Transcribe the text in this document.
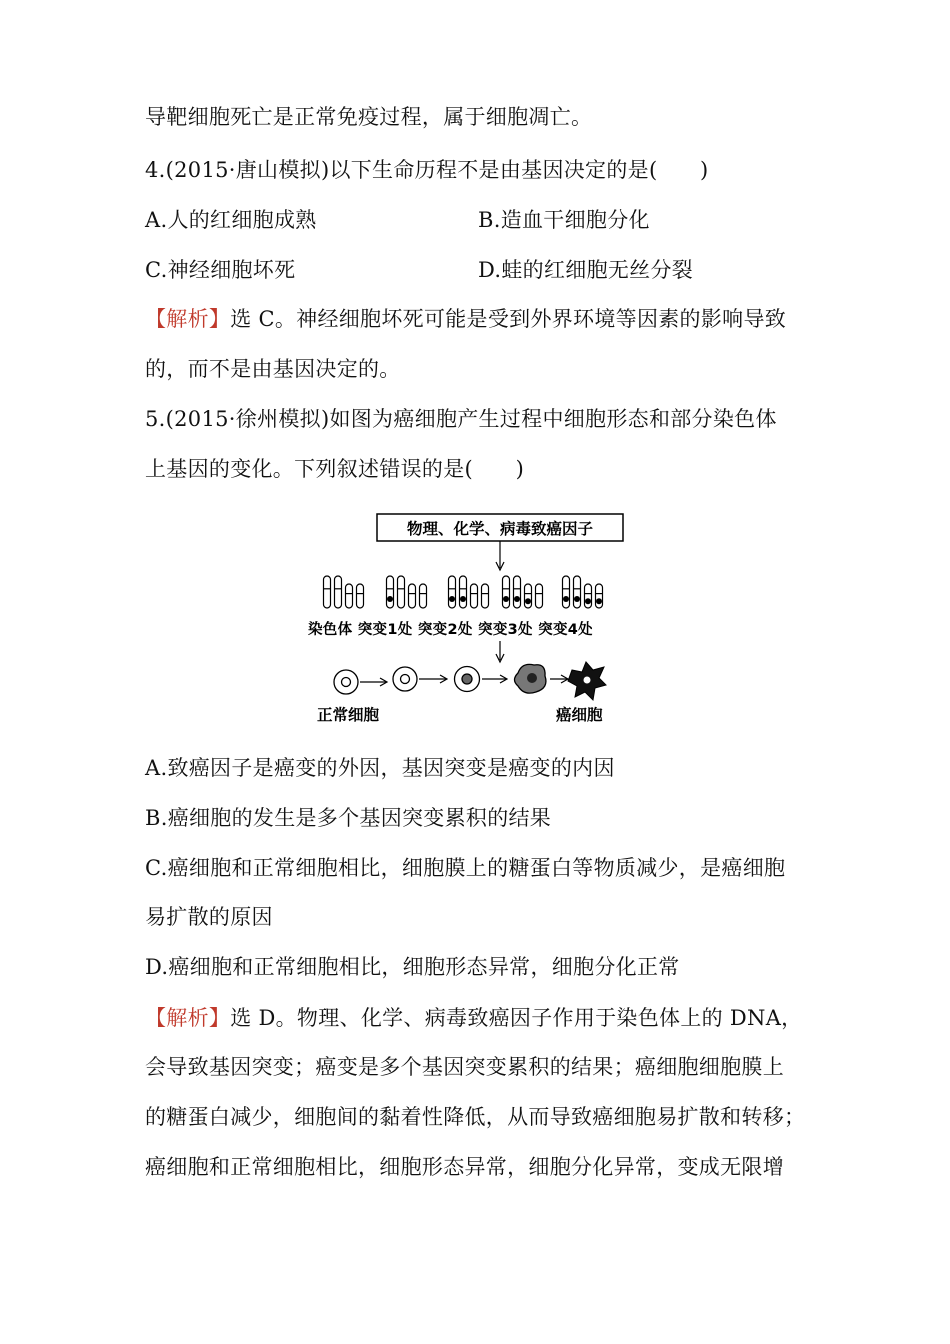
导靶细胞死亡是正常免疫过程，属于细胞凋亡。
4.(2015·唐山模拟)以下生命历程不是由基因决定的是(　　)
A.人的红细胞成熟	B.造血干细胞分化
C.神经细胞坏死	D.蛙的红细胞无丝分裂
【解析】选 C。神经细胞坏死可能是受到外界环境等因素的影响导致
的，而不是由基因决定的。
5.(2015·徐州模拟)如图为癌细胞产生过程中细胞形态和部分染色体
上基因的变化。下列叙述错误的是(　　)
物理、化学、病毒致癌因子
染色体 突变1处 突变2处 突变3处 突变4处
正常细胞	癌细胞
A.致癌因子是癌变的外因，基因突变是癌变的内因
B.癌细胞的发生是多个基因突变累积的结果
C.癌细胞和正常细胞相比，细胞膜上的糖蛋白等物质减少，是癌细胞
易扩散的原因
D.癌细胞和正常细胞相比，细胞形态异常，细胞分化正常
【解析】选 D。物理、化学、病毒致癌因子作用于染色体上的 DNA，
会导致基因突变；癌变是多个基因突变累积的结果；癌细胞细胞膜上
的糖蛋白减少，细胞间的黏着性降低，从而导致癌细胞易扩散和转移；
癌细胞和正常细胞相比，细胞形态异常，细胞分化异常，变成无限增
